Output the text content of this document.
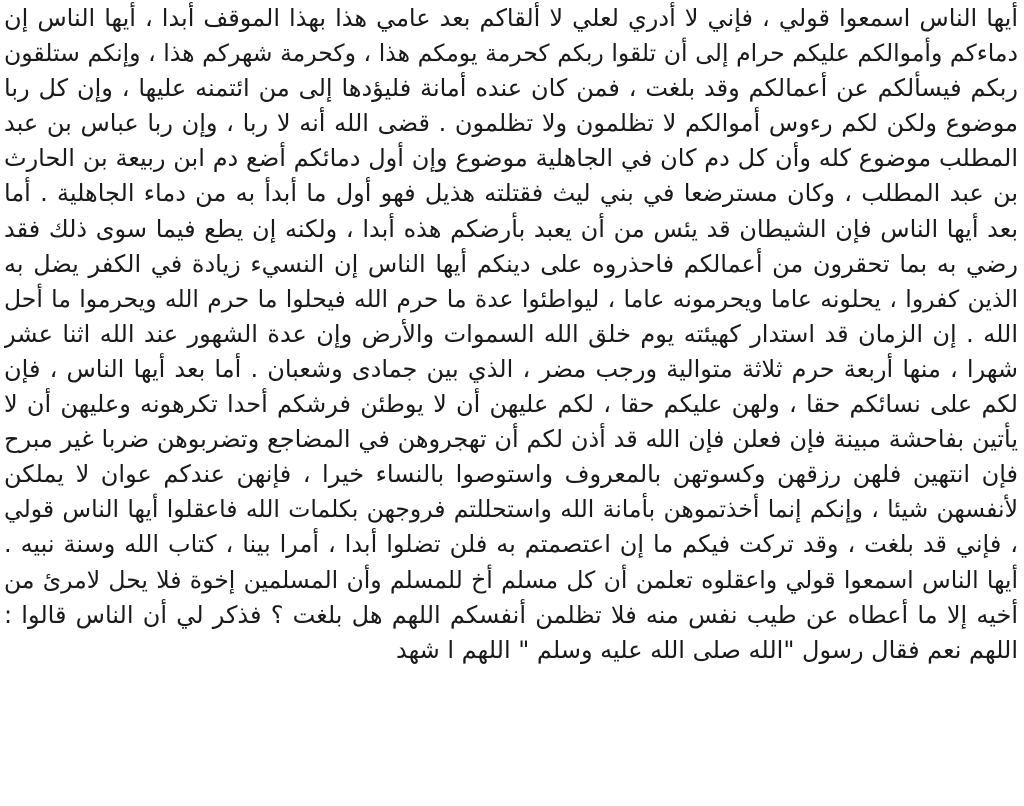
أيها الناس اسمعوا قولي ، فإني لا أدري لعلي لا ألقاكم بعد عامي هذا بهذا الموقف أبدا ، أيها الناس إن
دماءكم وأموالكم عليكم حرام إلى أن تلقوا ربكم كحرمة يومكم هذا ، وكحرمة شهركم هذا ، وإنكم ستلقون
ربكم فيسألكم عن أعمالكم وقد بلغت ، فمن كان عنده أمانة فليؤدها إلى من ائتمنه عليها ، وإن كل ربا
موضوع ولكن لكم رءوس أموالكم لا تظلمون ولا تظلمون . قضى الله أنه لا ربا ، وإن ربا عباس بن عبد
المطلب موضوع كله وأن كل دم كان في الجاهلية موضوع وإن أول دمائكم أضع دم ابن ربيعة بن الحارث
بن عبد المطلب ، وكان مسترضعا في بني ليث فقتلته هذيل فهو أول ما أبدأ به من دماء الجاهلية . أما
بعد أيها الناس فإن الشيطان قد يئس من أن يعبد بأرضكم هذه أبدا ، ولكنه إن يطع فيما سوى ذلك فقد
رضي به بما تحقرون من أعمالكم فاحذروه على دينكم أيها الناس إن النسيء زيادة في الكفر يضل به
الذين كفروا ، يحلونه عاما ويحرمونه عاما ، ليواطئوا عدة ما حرم الله فيحلوا ما حرم الله ويحرموا ما أحل
الله . إن الزمان قد استدار كهيئته يوم خلق الله السموات والأرض وإن عدة الشهور عند الله اثنا عشر
شهرا ، منها أربعة حرم ثلاثة متوالية ورجب مضر ، الذي بين جمادى وشعبان . أما بعد أيها الناس ، فإن
لكم على نسائكم حقا ، ولهن عليكم حقا ، لكم عليهن أن لا يوطئن فرشكم أحدا تكرهونه وعليهن أن لا
يأتين بفاحشة مبينة فإن فعلن فإن الله قد أذن لكم أن تهجروهن في المضاجع وتضربوهن ضربا غير مبرح
فإن انتهين فلهن رزقهن وكسوتهن بالمعروف واستوصوا بالنساء خيرا ، فإنهن عندكم عوان لا يملكن
لأنفسهن شيئا ، وإنكم إنما أخذتموهن بأمانة الله واستحللتم فروجهن بكلمات الله فاعقلوا أيها الناس قولي
، فإني قد بلغت ، وقد تركت فيكم ما إن اعتصمتم به فلن تضلوا أبدا ، أمرا بينا ، كتاب الله وسنة نبيه .
أيها الناس اسمعوا قولي واعقلوه تعلمن أن كل مسلم أخ للمسلم وأن المسلمين إخوة فلا يحل لامرئ من
أخيه إلا ما أعطاه عن طيب نفس منه فلا تظلمن أنفسكم اللهم هل بلغت ؟ فذكر لي أن الناس قالوا :
اللهم نعم فقال رسول "الله صلى الله عليه وسلم " اللهم ا شهد
